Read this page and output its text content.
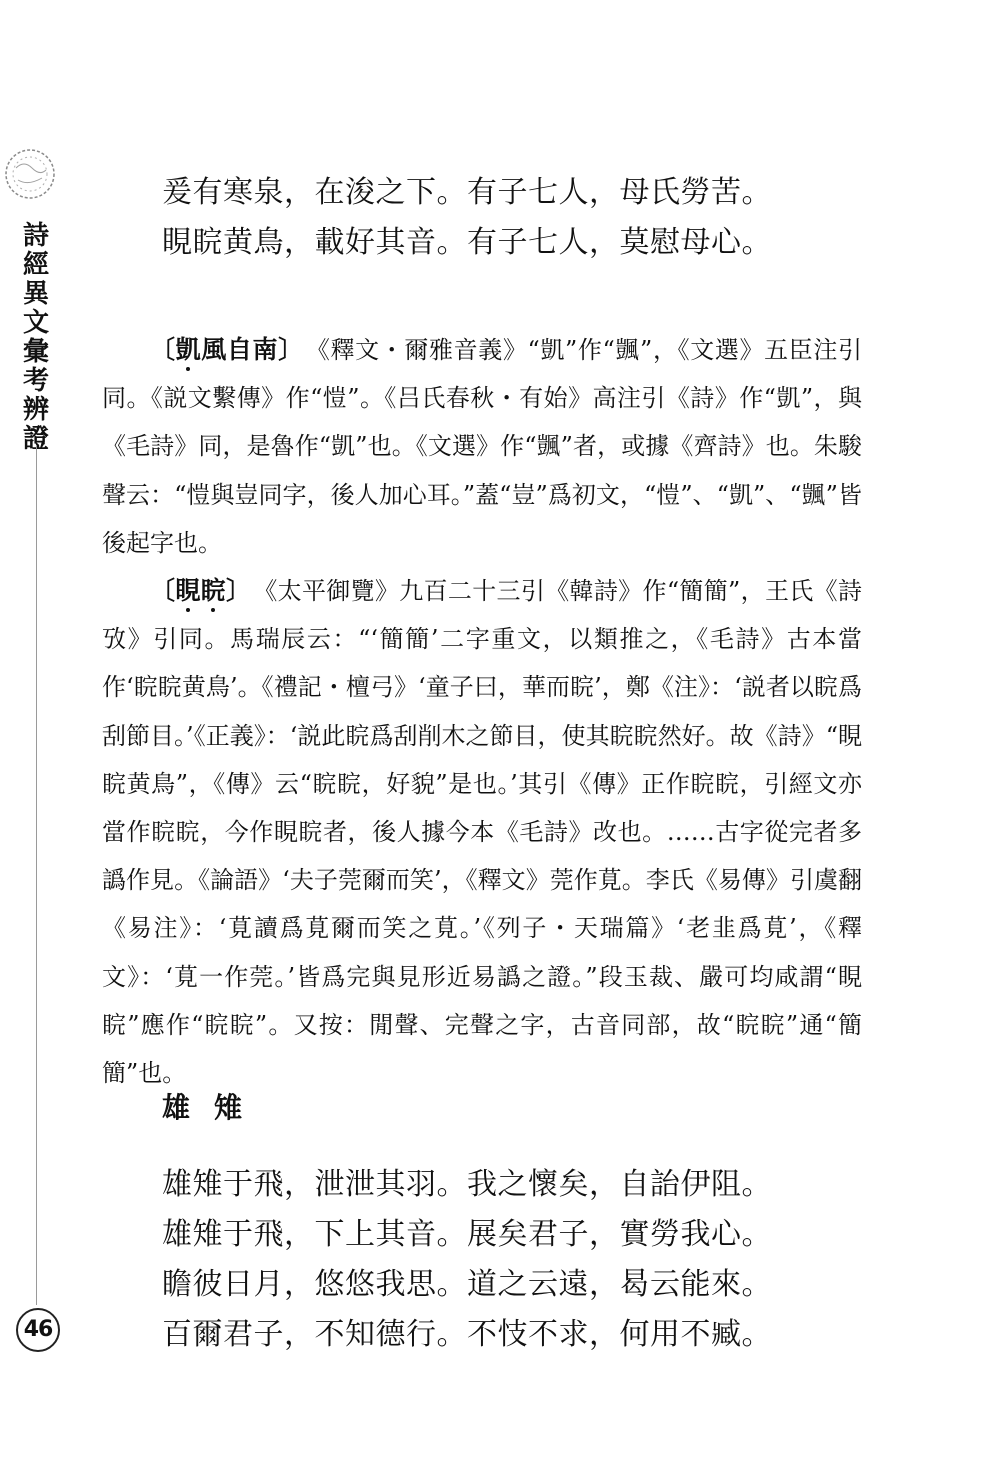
詩經異文彙考辨證
46
爰有寒泉，在浚之下。有子七人，母氏勞苦。
睍睆黄鳥，載好其音。有子七人，莫慰母心。

〔凱風自南〕 《釋文・爾雅音義》“凱”作“颽”，《文選》五臣注引同。《説文繫傳》作“愷”。《吕氏春秋・有始》高注引《詩》作“凱”，與《毛詩》同，是魯作“凱”也。《文選》作“颽”者，或據《齊詩》也。朱駿聲云：“愷與豈同字，後人加心耳。”蓋“豈”爲初文，“愷”、“凱”、“颽”皆後起字也。

〔睍睆〕 《太平御覽》九百二十三引《韓詩》作“簡簡”，王氏《詩攷》引同。馬瑞辰云：“‘簡簡’二字重文，以類推之，《毛詩》古本當作‘睆睆黄鳥’。《禮記・檀弓》‘童子曰，華而睆’，鄭《注》：‘説者以睆爲刮節目。’《正義》：‘説此睆爲刮削木之節目，使其睆睆然好。故《詩》“睍睆黄鳥”，《傳》云“睆睆，好貌”是也。’其引《傳》正作睆睆，引經文亦當作睆睆，今作睍睆者，後人據今本《毛詩》改也。……古字從完者多譌作見。《論語》‘夫子莞爾而笑’，《釋文》莞作莧。李氏《易傳》引虞翻《易注》：‘莧讀爲莧爾而笑之莧。’《列子・天瑞篇》‘老韭爲莧’，《釋文》：‘莧一作莞。’皆爲完與見形近易譌之證。”段玉裁、嚴可均咸謂“睍睆”應作“睆睆”。又按：閒聲、完聲之字，古音同部，故“睆睆”通“簡簡”也。

雄雉
雄雉于飛，泄泄其羽。我之懷矣，自詒伊阻。
雄雉于飛，下上其音。展矣君子，實勞我心。
瞻彼日月，悠悠我思。道之云遠，曷云能來。
百爾君子，不知德行。不忮不求，何用不臧。
